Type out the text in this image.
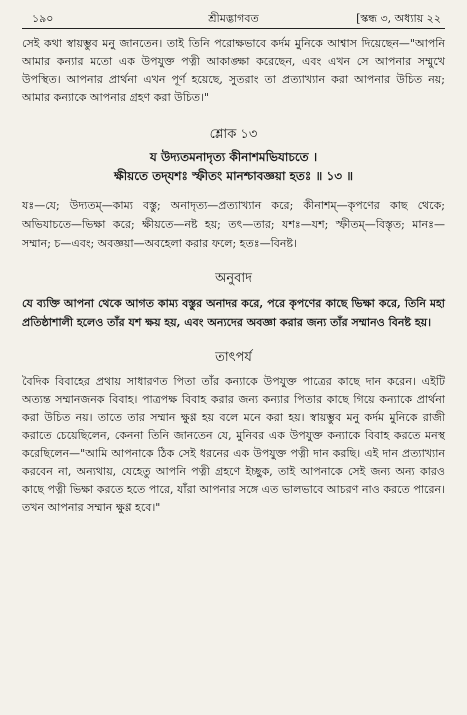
১৯০	শ্রীমদ্ভাগবত	[স্কন্ধ ৩, অধ্যায় ২২

সেই কথা স্বায়ম্ভুব মনু জানতেন। তাই তিনি পরোক্ষভাবে কর্দম মুনিকে আশ্বাস দিয়েছেন—"আপনি আমার কন্যার মতো এক উপযুক্ত পত্নী আকাঙ্ক্ষা করেছেন, এবং এখন সে আপনার সম্মুখে উপস্থিত। আপনার প্রার্থনা এখন পূর্ণ হয়েছে, সুতরাং তা প্রত্যাখ্যান করা আপনার উচিত নয়; আমার কন্যাকে আপনার গ্রহণ করা উচিত।"

শ্লোক ১৩

য উদ্যতমনাদৃত্য কীনাশমভিযাচতে ।

ক্ষীয়তে তদ্‌যশঃ স্ফীতং মানশ্চাবজ্ঞয়া হতঃ ॥ ১৩ ॥

যঃ—যে; উদ্যতম্—কাম্য বস্তু; অনাদৃত্য—প্রত্যাখ্যান করে; কীনাশম্—কৃপণের কাছ থেকে; অভিযাচতে—ভিক্ষা করে; ক্ষীয়তে—নষ্ট হয়; তৎ—তার; যশঃ—যশ; স্ফীতম্—বিস্তৃত; মানঃ—সম্মান; চ—এবং; অবজ্ঞয়া—অবহেলা করার ফলে; হতঃ—বিনষ্ট।

অনুবাদ

যে ব্যক্তি আপনা থেকে আগত কাম্য বস্তুর অনাদর করে, পরে কৃপণের কাছে ভিক্ষা করে, তিনি মহা প্রতিষ্ঠাশালী হলেও তাঁর যশ ক্ষয় হয়, এবং অন্যদের অবজ্ঞা করার জন্য তাঁর সম্মানও বিনষ্ট হয়।

তাৎপর্য

বৈদিক বিবাহের প্রথায় সাধারণত পিতা তাঁর কন্যাকে উপযুক্ত পাত্রের কাছে দান করেন। এইটি অত্যন্ত সম্মানজনক বিবাহ। পাত্রপক্ষ বিবাহ করার জন্য কন্যার পিতার কাছে গিয়ে কন্যাকে প্রার্থনা করা উচিত নয়। তাতে তার সম্মান ক্ষুণ্ণ হয় বলে মনে করা হয়। স্বায়ম্ভুব মনু কর্দম মুনিকে রাজী করাতে চেয়েছিলেন, কেননা তিনি জানতেন যে, মুনিবর এক উপযুক্ত কন্যাকে বিবাহ করতে মনস্থ করেছিলেন—"আমি আপনাকে ঠিক সেই ধরনের এক উপযুক্ত পত্নী দান করছি। এই দান প্রত্যাখ্যান করবেন না, অন্যথায়, যেহেতু আপনি পত্নী গ্রহণে ইচ্ছুক, তাই আপনাকে সেই জন্য অন্য কারও কাছে পত্নী ভিক্ষা করতে হতে পারে, যাঁরা আপনার সঙ্গে এত ভালভাবে আচরণ নাও করতে পারেন। তখন আপনার সম্মান ক্ষুণ্ণ হবে।"
